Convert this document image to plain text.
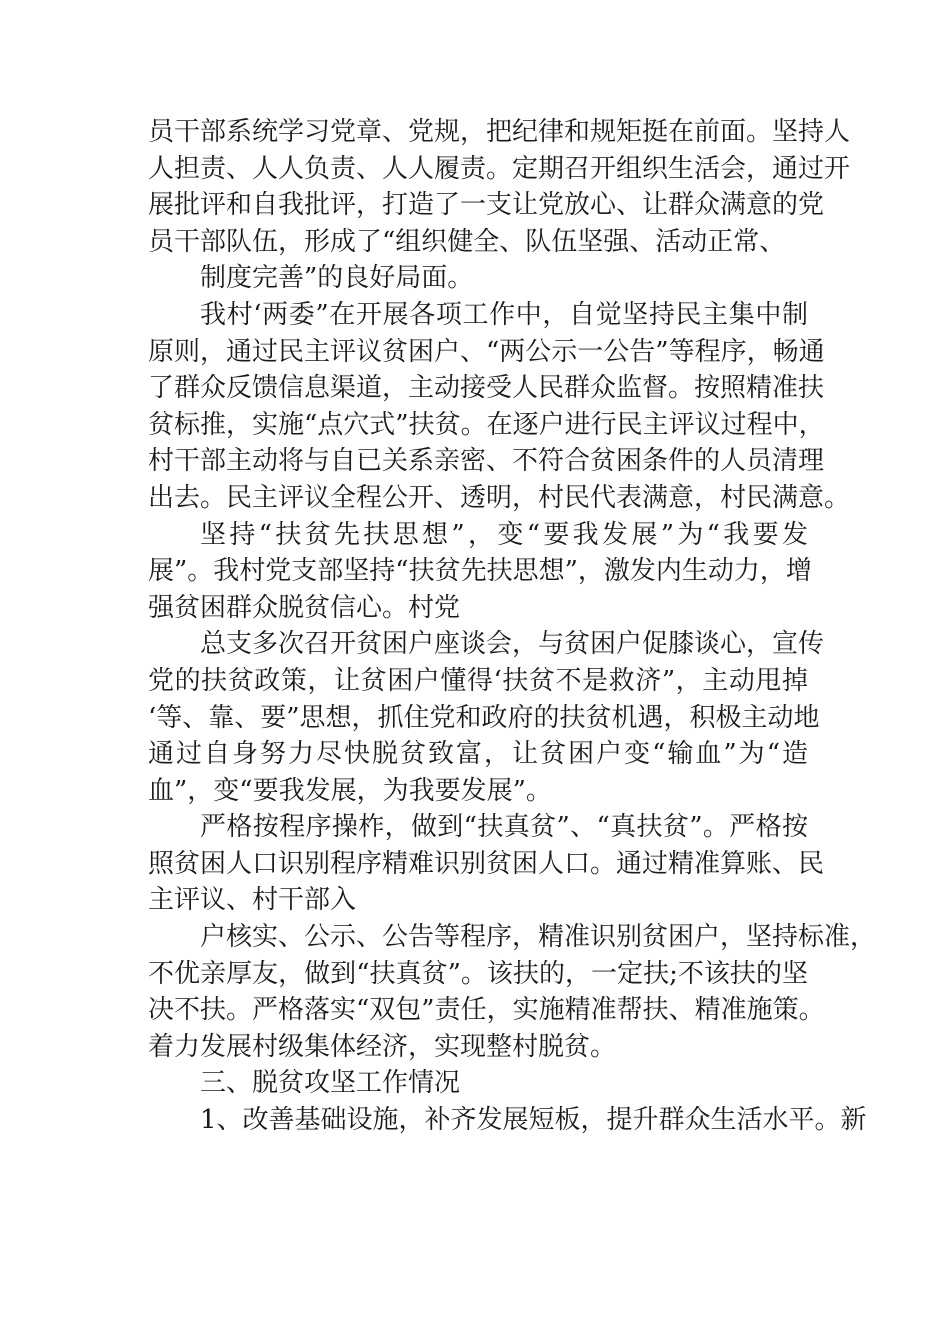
员干部系统学习党章、党规，把纪律和规矩挺在前面。坚持人
人担责、人人负责、人人履责。定期召开组织生活会，通过开
展批评和自我批评，打造了一支让党放心、让群众满意的党
员干部队伍，形成了“组织健全、队伍坚强、活动正常、
制度完善”的良好局面。
我村‘两委”在开展各项工作中，自觉坚持民主集中制
原则，通过民主评议贫困户、“两公示一公告”等程序，畅通
了群众反馈信息渠道，主动接受人民群众监督。按照精准扶
贫标推，实施“点穴式”扶贫。在逐户进行民主评议过程中，
村干部主动将与自已关系亲密、不符合贫困条件的人员清理
出去。民主评议全程公开、透明，村民代表满意，村民满意。
坚持“扶贫先扶思想”，变“要我发展”为“我要发
展”。我村党支部坚持“扶贫先扶思想”，激发内生动力，增
强贫困群众脱贫信心。村党
总支多次召开贫困户座谈会，与贫困户促膝谈心，宣传
党的扶贫政策，让贫困户懂得‘扶贫不是救济”，主动甩掉
‘等、靠、要”思想，抓住党和政府的扶贫机遇，积极主动地
通过自身努力尽快脱贫致富，让贫困户变“输血”为“造
血”，变“要我发展，为我要发展”。
严格按程序操柞，做到“扶真贫”、“真扶贫”。严格按
照贫困人口识别程序精难识别贫困人口。通过精准算账、民
主评议、村干部入
户核实、公示、公告等程序，精准识别贫困户，坚持标准，
不优亲厚友，做到“扶真贫”。该扶的，一定扶;不该扶的坚
决不扶。严格落实“双包”责任，实施精准帮扶、精准施策。
着力发展村级集体经济，实现整村脱贫。
三、脱贫攻坚工作情况
1、改善基础设施，补齐发展短板，提升群众生活水平。新
